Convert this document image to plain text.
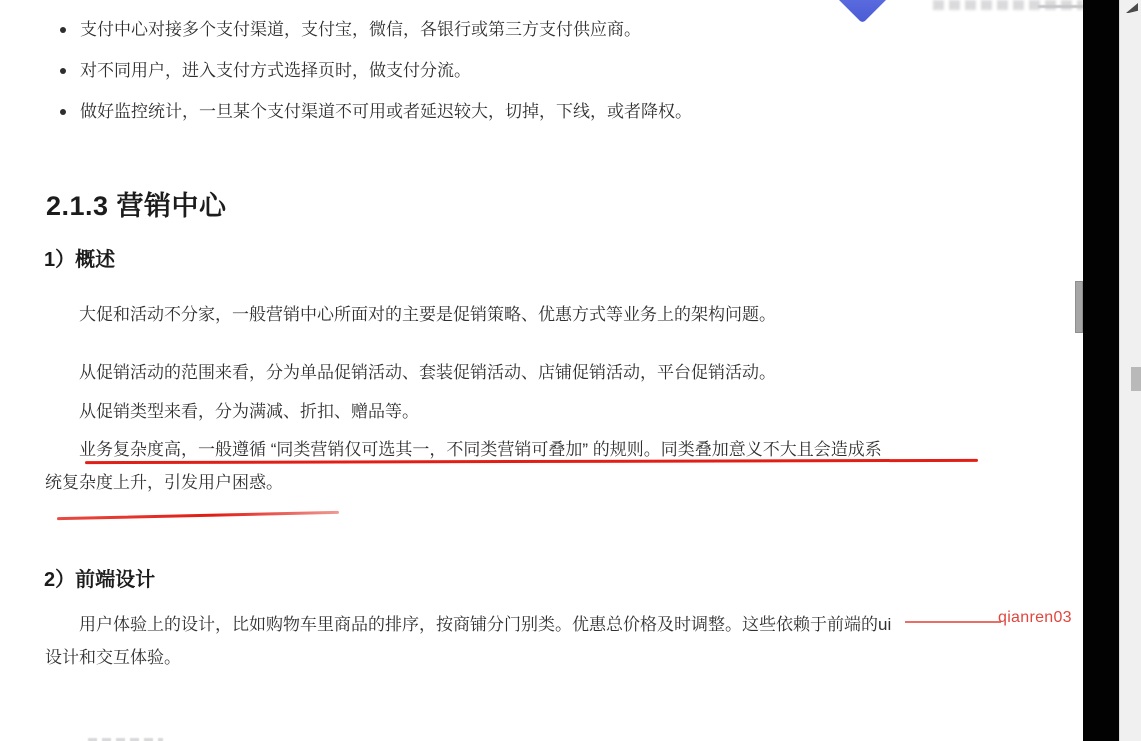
支付中心对接多个支付渠道，支付宝，微信，各银行或第三方支付供应商。
对不同用户，进入支付方式选择页时，做支付分流。
做好监控统计，一旦某个支付渠道不可用或者延迟较大，切掉，下线，或者降权。
2.1.3 营销中心
1）概述
大促和活动不分家，一般营销中心所面对的主要是促销策略、优惠方式等业务上的架构问题。
从促销活动的范围来看，分为单品促销活动、套装促销活动、店铺促销活动，平台促销活动。
从促销类型来看，分为满减、折扣、赠品等。
业务复杂度高，一般遵循 “同类营销仅可选其一，不同类营销可叠加” 的规则。同类叠加意义不大且会造成系
统复杂度上升，引发用户困惑。
2）前端设计
用户体验上的设计，比如购物车里商品的排序，按商铺分门别类。优惠总价格及时调整。这些依赖于前端的ui
设计和交互体验。
qianren03
